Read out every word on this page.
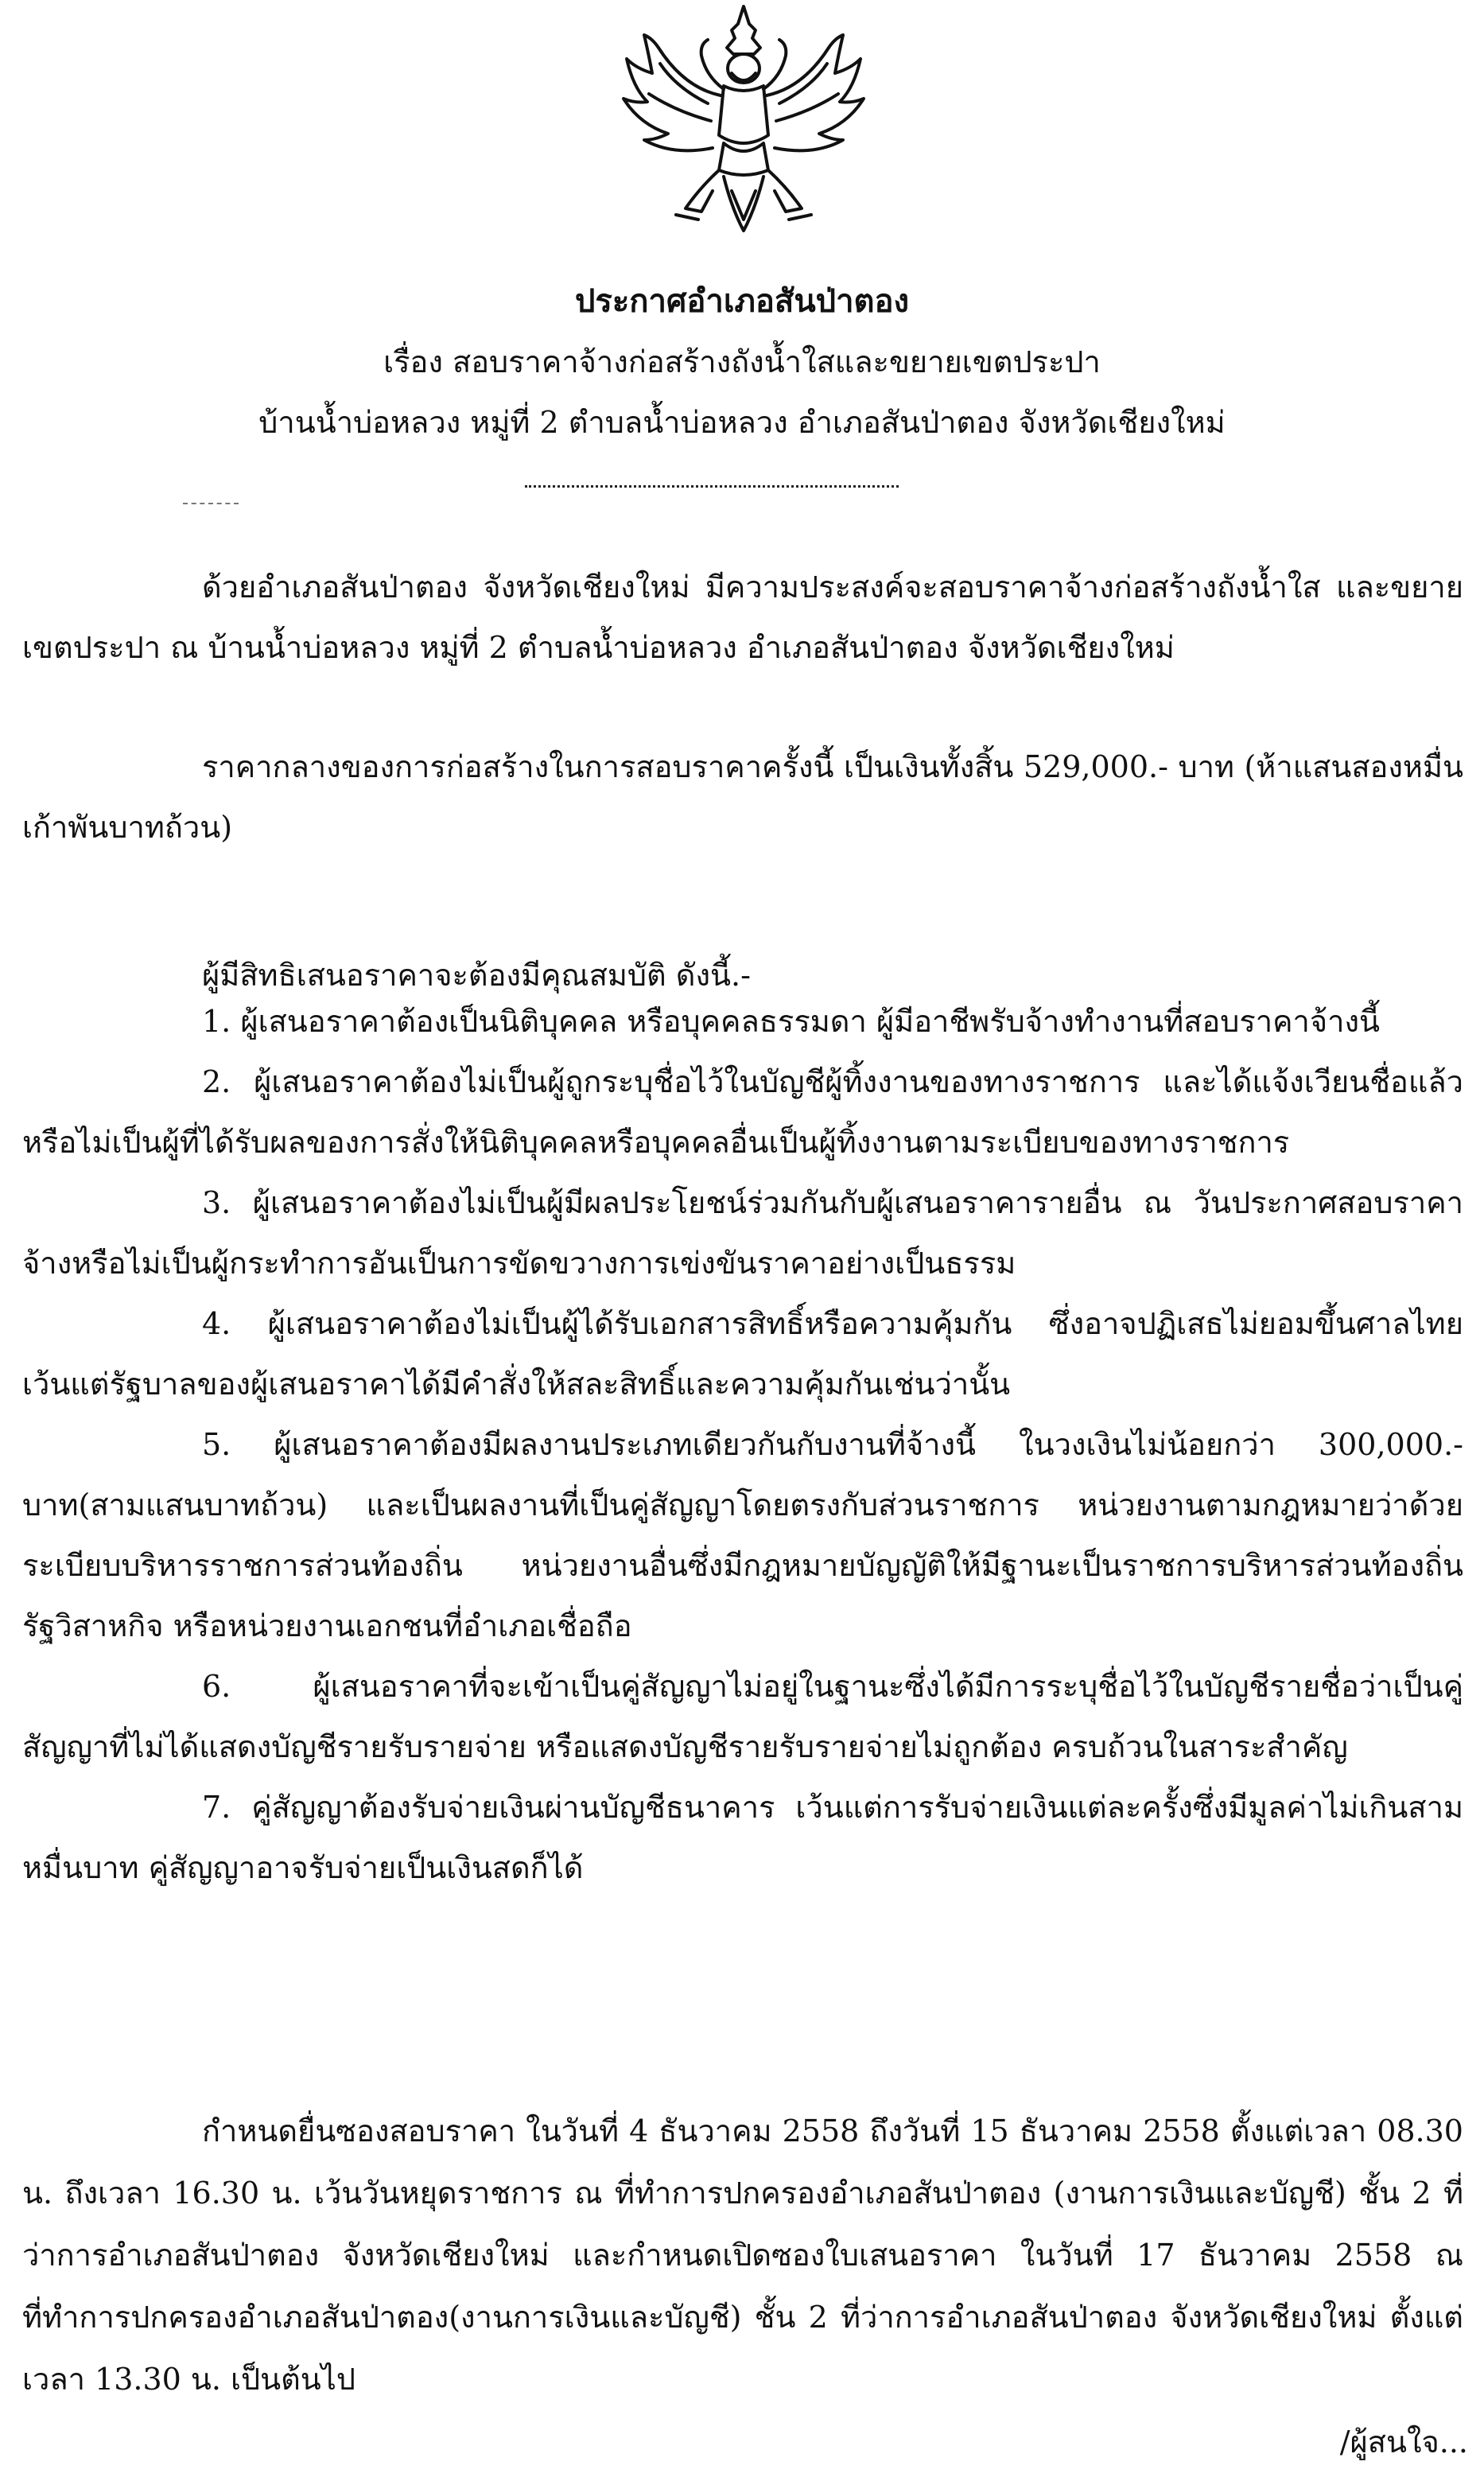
ประกาศอำเภอสันป่าตอง
เรื่อง สอบราคาจ้างก่อสร้างถังน้ำใสและขยายเขตประปา
บ้านน้ำบ่อหลวง หมู่ที่ 2 ตำบลน้ำบ่อหลวง อำเภอสันป่าตอง จังหวัดเชียงใหม่

ด้วยอำเภอสันป่าตอง จังหวัดเชียงใหม่ มีความประสงค์จะสอบราคาจ้างก่อสร้างถังน้ำใส และขยายเขตประปา ณ บ้านน้ำบ่อหลวง หมู่ที่ 2 ตำบลน้ำบ่อหลวง อำเภอสันป่าตอง จังหวัดเชียงใหม่

ราคากลางของการก่อสร้างในการสอบราคาครั้งนี้ เป็นเงินทั้งสิ้น 529,000.- บาท (ห้าแสนสองหมื่นเก้าพันบาทถ้วน)

ผู้มีสิทธิเสนอราคาจะต้องมีคุณสมบัติ ดังนี้.-

1. ผู้เสนอราคาต้องเป็นนิติบุคคล หรือบุคคลธรรมดา ผู้มีอาชีพรับจ้างทำงานที่สอบราคาจ้างนี้

2. ผู้เสนอราคาต้องไม่เป็นผู้ถูกระบุชื่อไว้ในบัญชีผู้ทิ้งงานของทางราชการ และได้แจ้งเวียนชื่อแล้วหรือไม่เป็นผู้ที่ได้รับผลของการสั่งให้นิติบุคคลหรือบุคคลอื่นเป็นผู้ทิ้งงานตามระเบียบของทางราชการ

3. ผู้เสนอราคาต้องไม่เป็นผู้มีผลประโยชน์ร่วมกันกับผู้เสนอราคารายอื่น ณ วันประกาศสอบราคาจ้างหรือไม่เป็นผู้กระทำการอันเป็นการขัดขวางการเข่งขันราคาอย่างเป็นธรรม

4. ผู้เสนอราคาต้องไม่เป็นผู้ได้รับเอกสารสิทธิ์หรือความคุ้มกัน ซึ่งอาจปฏิเสธไม่ยอมขึ้นศาลไทย เว้นแต่รัฐบาลของผู้เสนอราคาได้มีคำสั่งให้สละสิทธิ์และความคุ้มกันเช่นว่านั้น

5. ผู้เสนอราคาต้องมีผลงานประเภทเดียวกันกับงานที่จ้างนี้ ในวงเงินไม่น้อยกว่า 300,000.- บาท(สามแสนบาทถ้วน) และเป็นผลงานที่เป็นคู่สัญญาโดยตรงกับส่วนราชการ หน่วยงานตามกฎหมายว่าด้วยระเบียบบริหารราชการส่วนท้องถิ่น หน่วยงานอื่นซึ่งมีกฎหมายบัญญัติให้มีฐานะเป็นราชการบริหารส่วนท้องถิ่น รัฐวิสาหกิจ หรือหน่วยงานเอกชนที่อำเภอเชื่อถือ

6. ผู้เสนอราคาที่จะเข้าเป็นคู่สัญญาไม่อยู่ในฐานะซึ่งได้มีการระบุชื่อไว้ในบัญชีรายชื่อว่าเป็นคู่สัญญาที่ไม่ได้แสดงบัญชีรายรับรายจ่าย หรือแสดงบัญชีรายรับรายจ่ายไม่ถูกต้อง ครบถ้วนในสาระสำคัญ

7. คู่สัญญาต้องรับจ่ายเงินผ่านบัญชีธนาคาร เว้นแต่การรับจ่ายเงินแต่ละครั้งซึ่งมีมูลค่าไม่เกินสามหมื่นบาท คู่สัญญาอาจรับจ่ายเป็นเงินสดก็ได้

กำหนดยื่นซองสอบราคา ในวันที่ 4 ธันวาคม 2558 ถึงวันที่ 15 ธันวาคม 2558 ตั้งแต่เวลา 08.30 น. ถึงเวลา 16.30 น. เว้นวันหยุดราชการ ณ ที่ทำการปกครองอำเภอสันป่าตอง (งานการเงินและบัญชี) ชั้น 2 ที่ว่าการอำเภอสันป่าตอง จังหวัดเชียงใหม่ และกำหนดเปิดซองใบเสนอราคา ในวันที่ 17 ธันวาคม 2558 ณ ที่ทำการปกครองอำเภอสันป่าตอง(งานการเงินและบัญชี) ชั้น 2 ที่ว่าการอำเภอสันป่าตอง จังหวัดเชียงใหม่ ตั้งแต่เวลา 13.30 น. เป็นต้นไป

/ผู้สนใจ...
